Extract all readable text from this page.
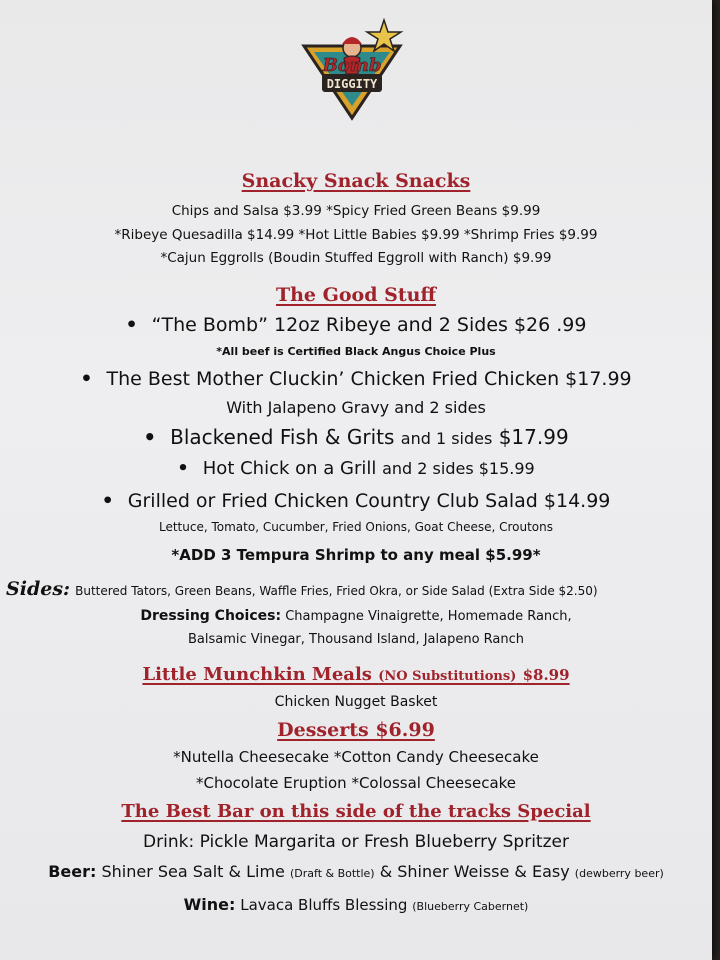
Bomb
DIGGITY
Snacky Snack Snacks
Chips and Salsa $3.99 *Spicy Fried Green Beans $9.99
*Ribeye Quesadilla $14.99 *Hot Little Babies $9.99 *Shrimp Fries $9.99
*Cajun Eggrolls (Boudin Stuffed Eggroll with Ranch) $9.99
The Good Stuff
• “The Bomb” 12oz Ribeye and 2 Sides $26 .99
*All beef is Certified Black Angus Choice Plus
• The Best Mother Cluckin’ Chicken Fried Chicken $17.99
With Jalapeno Gravy and 2 sides
• Blackened Fish & Grits and 1 sides $17.99
• Hot Chick on a Grill and 2 sides $15.99
• Grilled or Fried Chicken Country Club Salad $14.99
Lettuce, Tomato, Cucumber, Fried Onions, Goat Cheese, Croutons
*ADD 3 Tempura Shrimp to any meal $5.99*
Sides: Buttered Tators, Green Beans, Waffle Fries, Fried Okra, or Side Salad (Extra Side $2.50)
Dressing Choices: Champagne Vinaigrette, Homemade Ranch,
Balsamic Vinegar, Thousand Island, Jalapeno Ranch
Little Munchkin Meals (NO Substitutions) $8.99
Chicken Nugget Basket
Desserts $6.99
*Nutella Cheesecake *Cotton Candy Cheesecake
*Chocolate Eruption *Colossal Cheesecake
The Best Bar on this side of the tracks Special
Drink: Pickle Margarita or Fresh Blueberry Spritzer
Beer: Shiner Sea Salt & Lime (Draft & Bottle) & Shiner Weisse & Easy (dewberry beer)
Wine: Lavaca Bluffs Blessing (Blueberry Cabernet)
